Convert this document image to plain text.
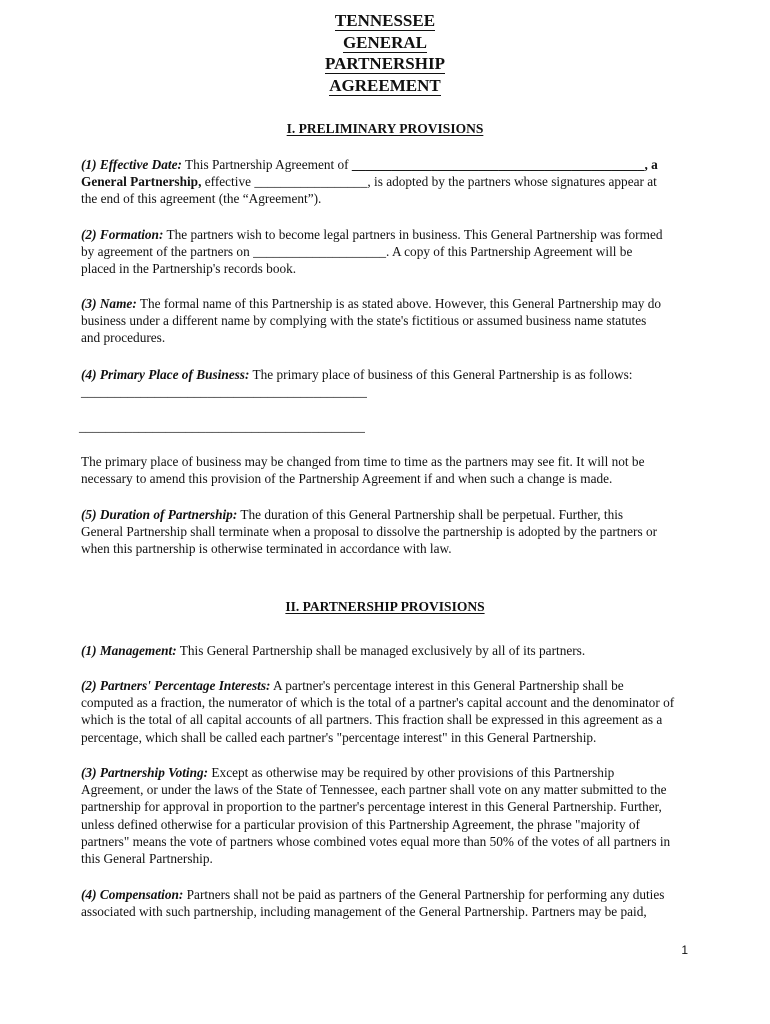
TENNESSEE
GENERAL
PARTNERSHIP
AGREEMENT
I. PRELIMINARY PROVISIONS
(1) Effective Date: This Partnership Agreement of ____________________________________________, a
General Partnership, effective _________________, is adopted by the partners whose signatures appear at
the end of this agreement (the “Agreement”).
(2) Formation: The partners wish to become legal partners in business. This General Partnership was formed
by agreement of the partners on ____________________. A copy of this Partnership Agreement will be
placed in the Partnership's records book.
(3) Name: The formal name of this Partnership is as stated above. However, this General Partnership may do
business under a different name by complying with the state's fictitious or assumed business name statutes
and procedures.
(4) Primary Place of Business: The primary place of business of this General Partnership is as follows:
___________________________________________
___________________________________________
The primary place of business may be changed from time to time as the partners may see fit. It will not be
necessary to amend this provision of the Partnership Agreement if and when such a change is made.
(5) Duration of Partnership: The duration of this General Partnership shall be perpetual. Further, this
General Partnership shall terminate when a proposal to dissolve the partnership is adopted by the partners or
when this partnership is otherwise terminated in accordance with law.
II. PARTNERSHIP PROVISIONS
(1) Management: This General Partnership shall be managed exclusively by all of its partners.
(2) Partners' Percentage Interests: A partner's percentage interest in this General Partnership shall be
computed as a fraction, the numerator of which is the total of a partner's capital account and the denominator of
which is the total of all capital accounts of all partners. This fraction shall be expressed in this agreement as a
percentage, which shall be called each partner's "percentage interest" in this General Partnership.
(3) Partnership Voting: Except as otherwise may be required by other provisions of this Partnership
Agreement, or under the laws of the State of Tennessee, each partner shall vote on any matter submitted to the
partnership for approval in proportion to the partner's percentage interest in this General Partnership. Further,
unless defined otherwise for a particular provision of this Partnership Agreement, the phrase "majority of
partners" means the vote of partners whose combined votes equal more than 50% of the votes of all partners in
this General Partnership.
(4) Compensation: Partners shall not be paid as partners of the General Partnership for performing any duties
associated with such partnership, including management of the General Partnership. Partners may be paid,
1
